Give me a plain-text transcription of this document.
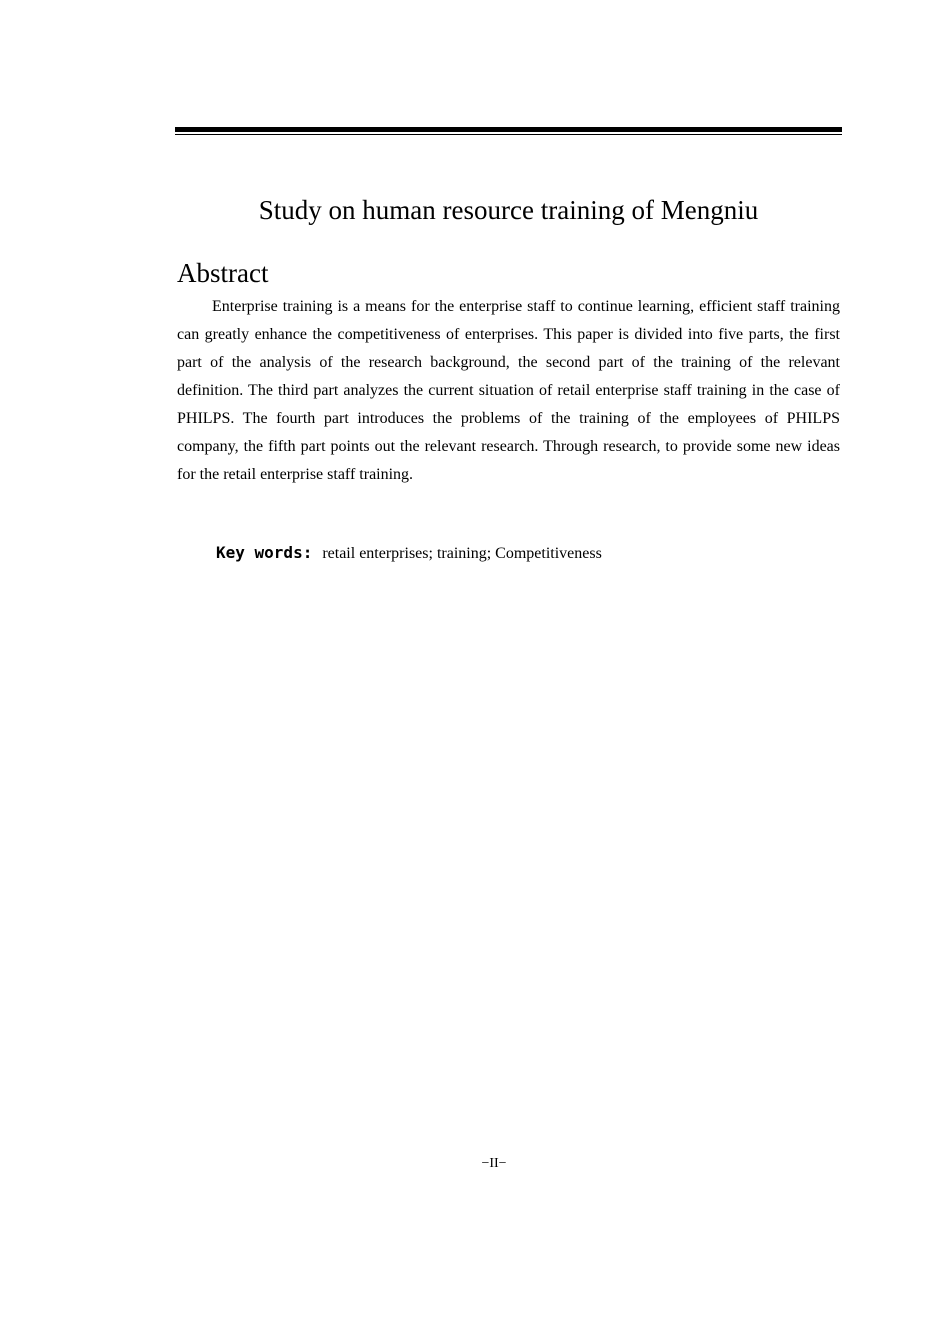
Study on human resource training of Mengniu
Abstract

Enterprise training is a means for the enterprise staff to continue learning, efficient staff training can greatly enhance the competitiveness of enterprises. This paper is divided into five parts, the first part of the analysis of the research background, the second part of the training of the relevant definition. The third part analyzes the current situation of retail enterprise staff training in the case of PHILPS. The fourth part introduces the problems of the training of the employees of PHILPS company, the fifth part points out the relevant research. Through research, to provide some new ideas for the retail enterprise staff training.

Key words: retail enterprises; training; Competitiveness
−II−
